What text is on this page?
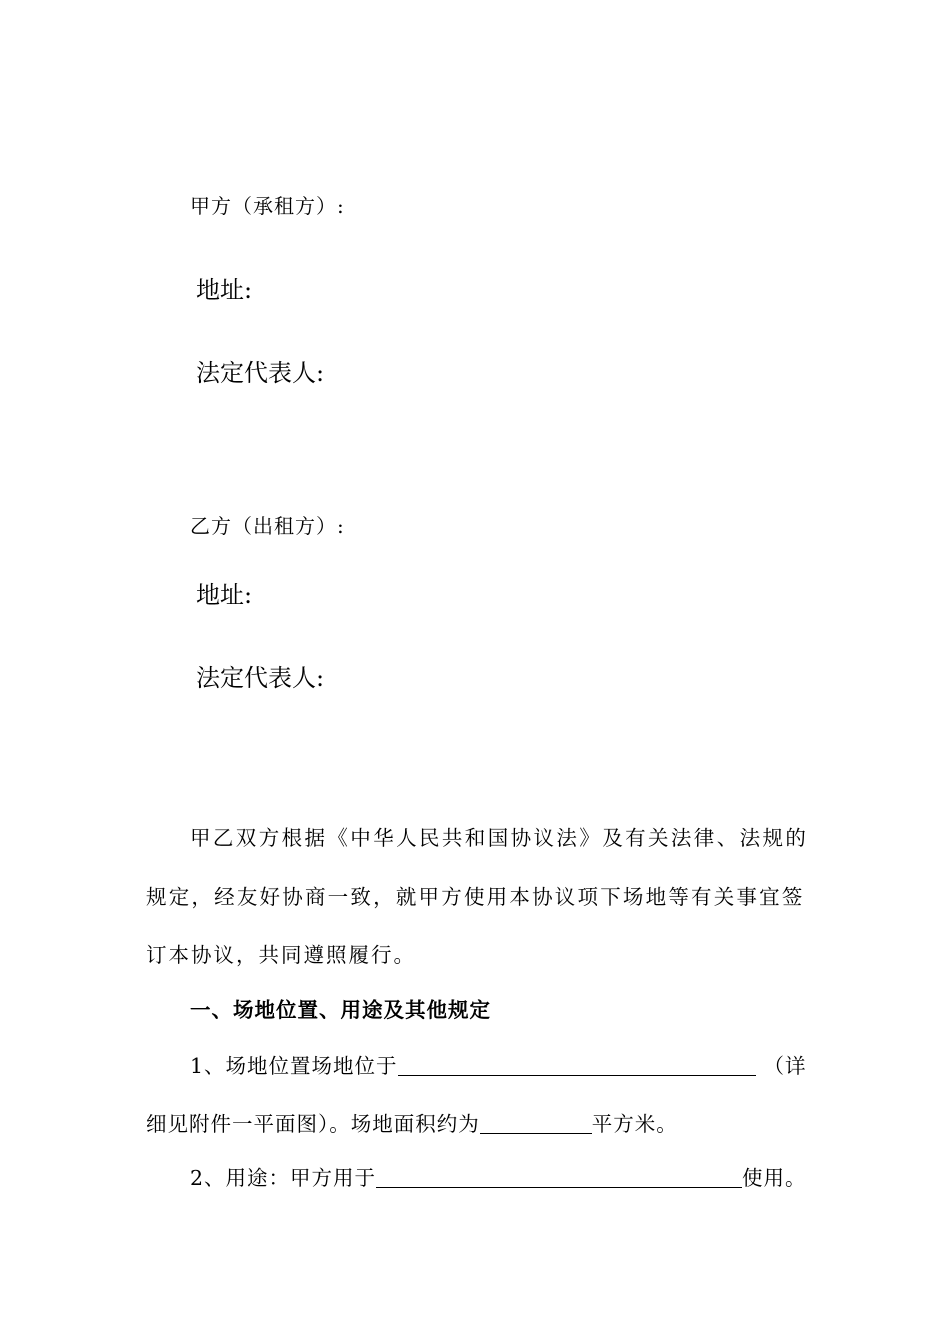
甲方（承租方）:
地址:
法定代表人:
乙方（出租方）:
地址:
法定代表人:
甲乙双方根据《中华人民共和国协议法》及有关法律、法规的
规定，经友好协商一致，就甲方使用本协议项下场地等有关事宜签
订本协议，共同遵照履行。
一、场地位置、用途及其他规定
1、场地位置场地位于	（详
细见附件一平面图）。场地面积约为	平方米。
2、用途：甲方用于	使用。
